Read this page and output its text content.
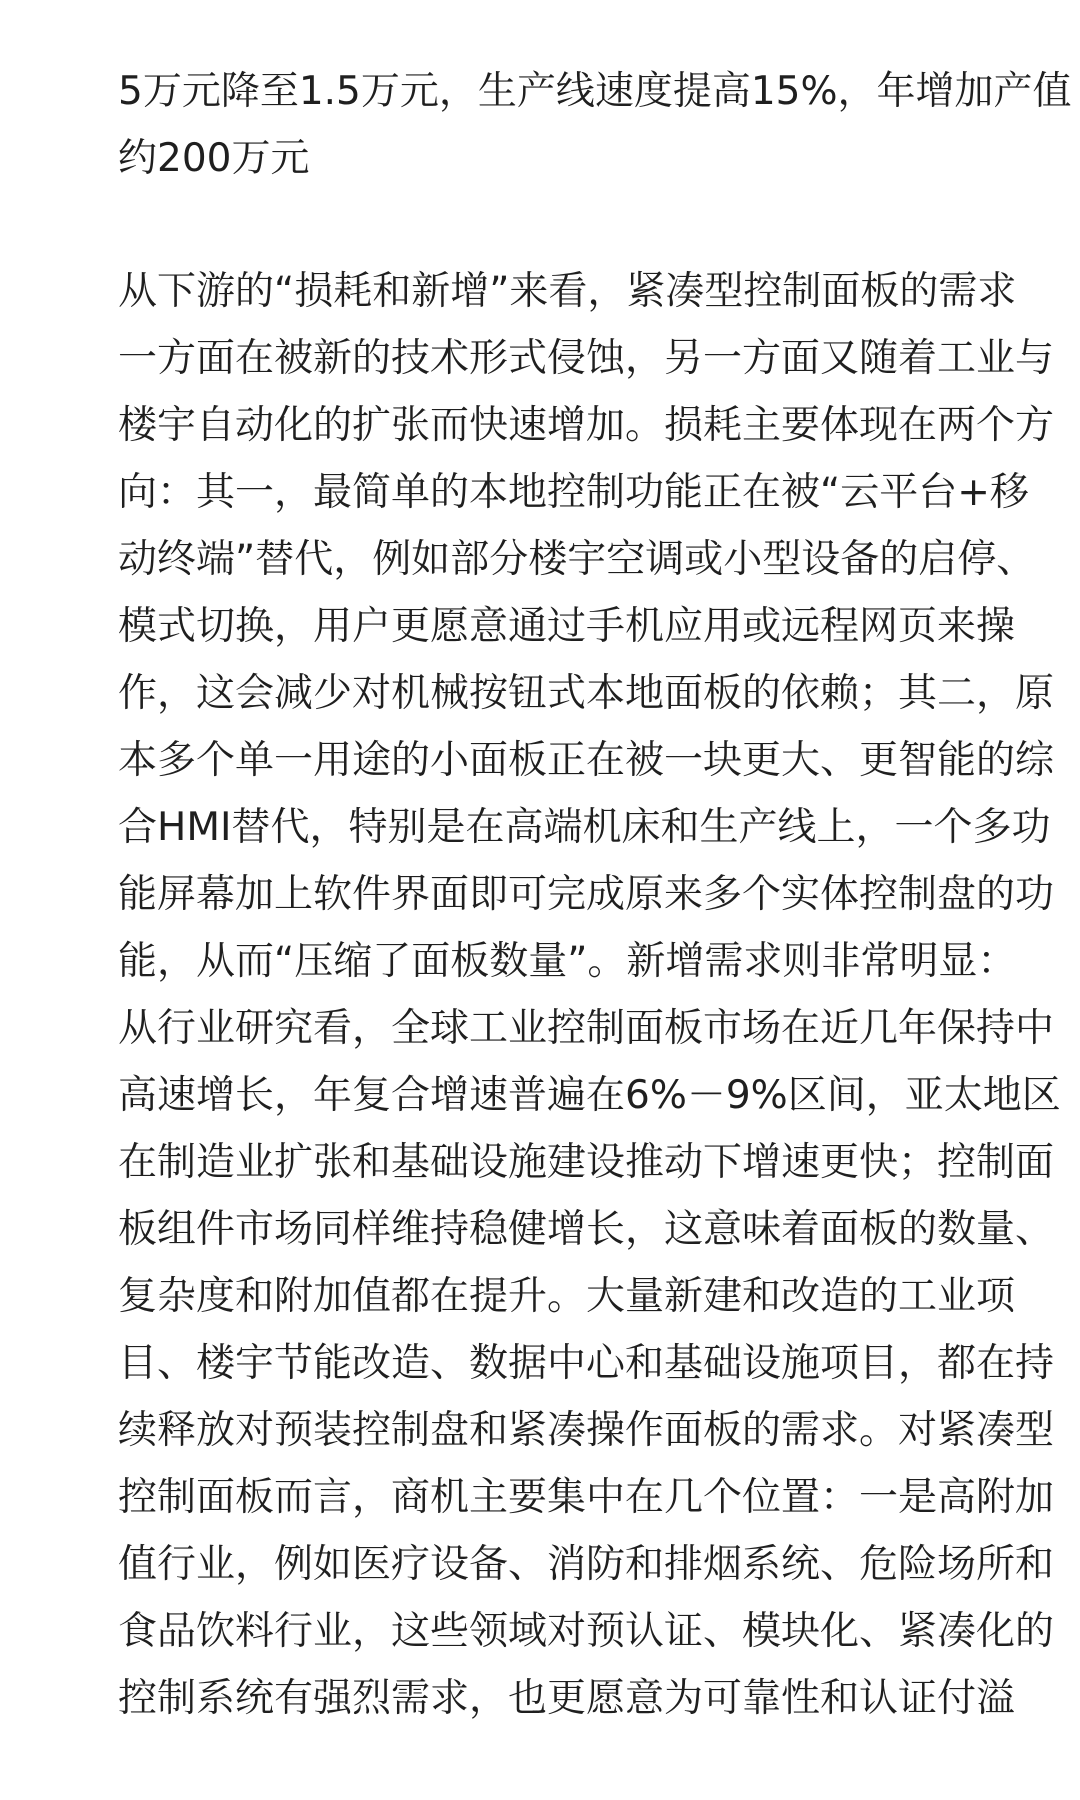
5万元降至1.5万元，生产线速度提高15%，年增加产值
约200万元

从下游的“损耗和新增”来看，紧凑型控制面板的需求
一方面在被新的技术形式侵蚀，另一方面又随着工业与
楼宇自动化的扩张而快速增加。损耗主要体现在两个方
向：其一，最简单的本地控制功能正在被“云平台+移
动终端”替代，例如部分楼宇空调或小型设备的启停、
模式切换，用户更愿意通过手机应用或远程网页来操
作，这会减少对机械按钮式本地面板的依赖；其二，原
本多个单一用途的小面板正在被一块更大、更智能的综
合HMI替代，特别是在高端机床和生产线上，一个多功
能屏幕加上软件界面即可完成原来多个实体控制盘的功
能，从而“压缩了面板数量”。新增需求则非常明显：
从行业研究看，全球工业控制面板市场在近几年保持中
高速增长，年复合增速普遍在6%－9%区间，亚太地区
在制造业扩张和基础设施建设推动下增速更快；控制面
板组件市场同样维持稳健增长，这意味着面板的数量、
复杂度和附加值都在提升。大量新建和改造的工业项
目、楼宇节能改造、数据中心和基础设施项目，都在持
续释放对预装控制盘和紧凑操作面板的需求。对紧凑型
控制面板而言，商机主要集中在几个位置：一是高附加
值行业，例如医疗设备、消防和排烟系统、危险场所和
食品饮料行业，这些领域对预认证、模块化、紧凑化的
控制系统有强烈需求，也更愿意为可靠性和认证付溢
